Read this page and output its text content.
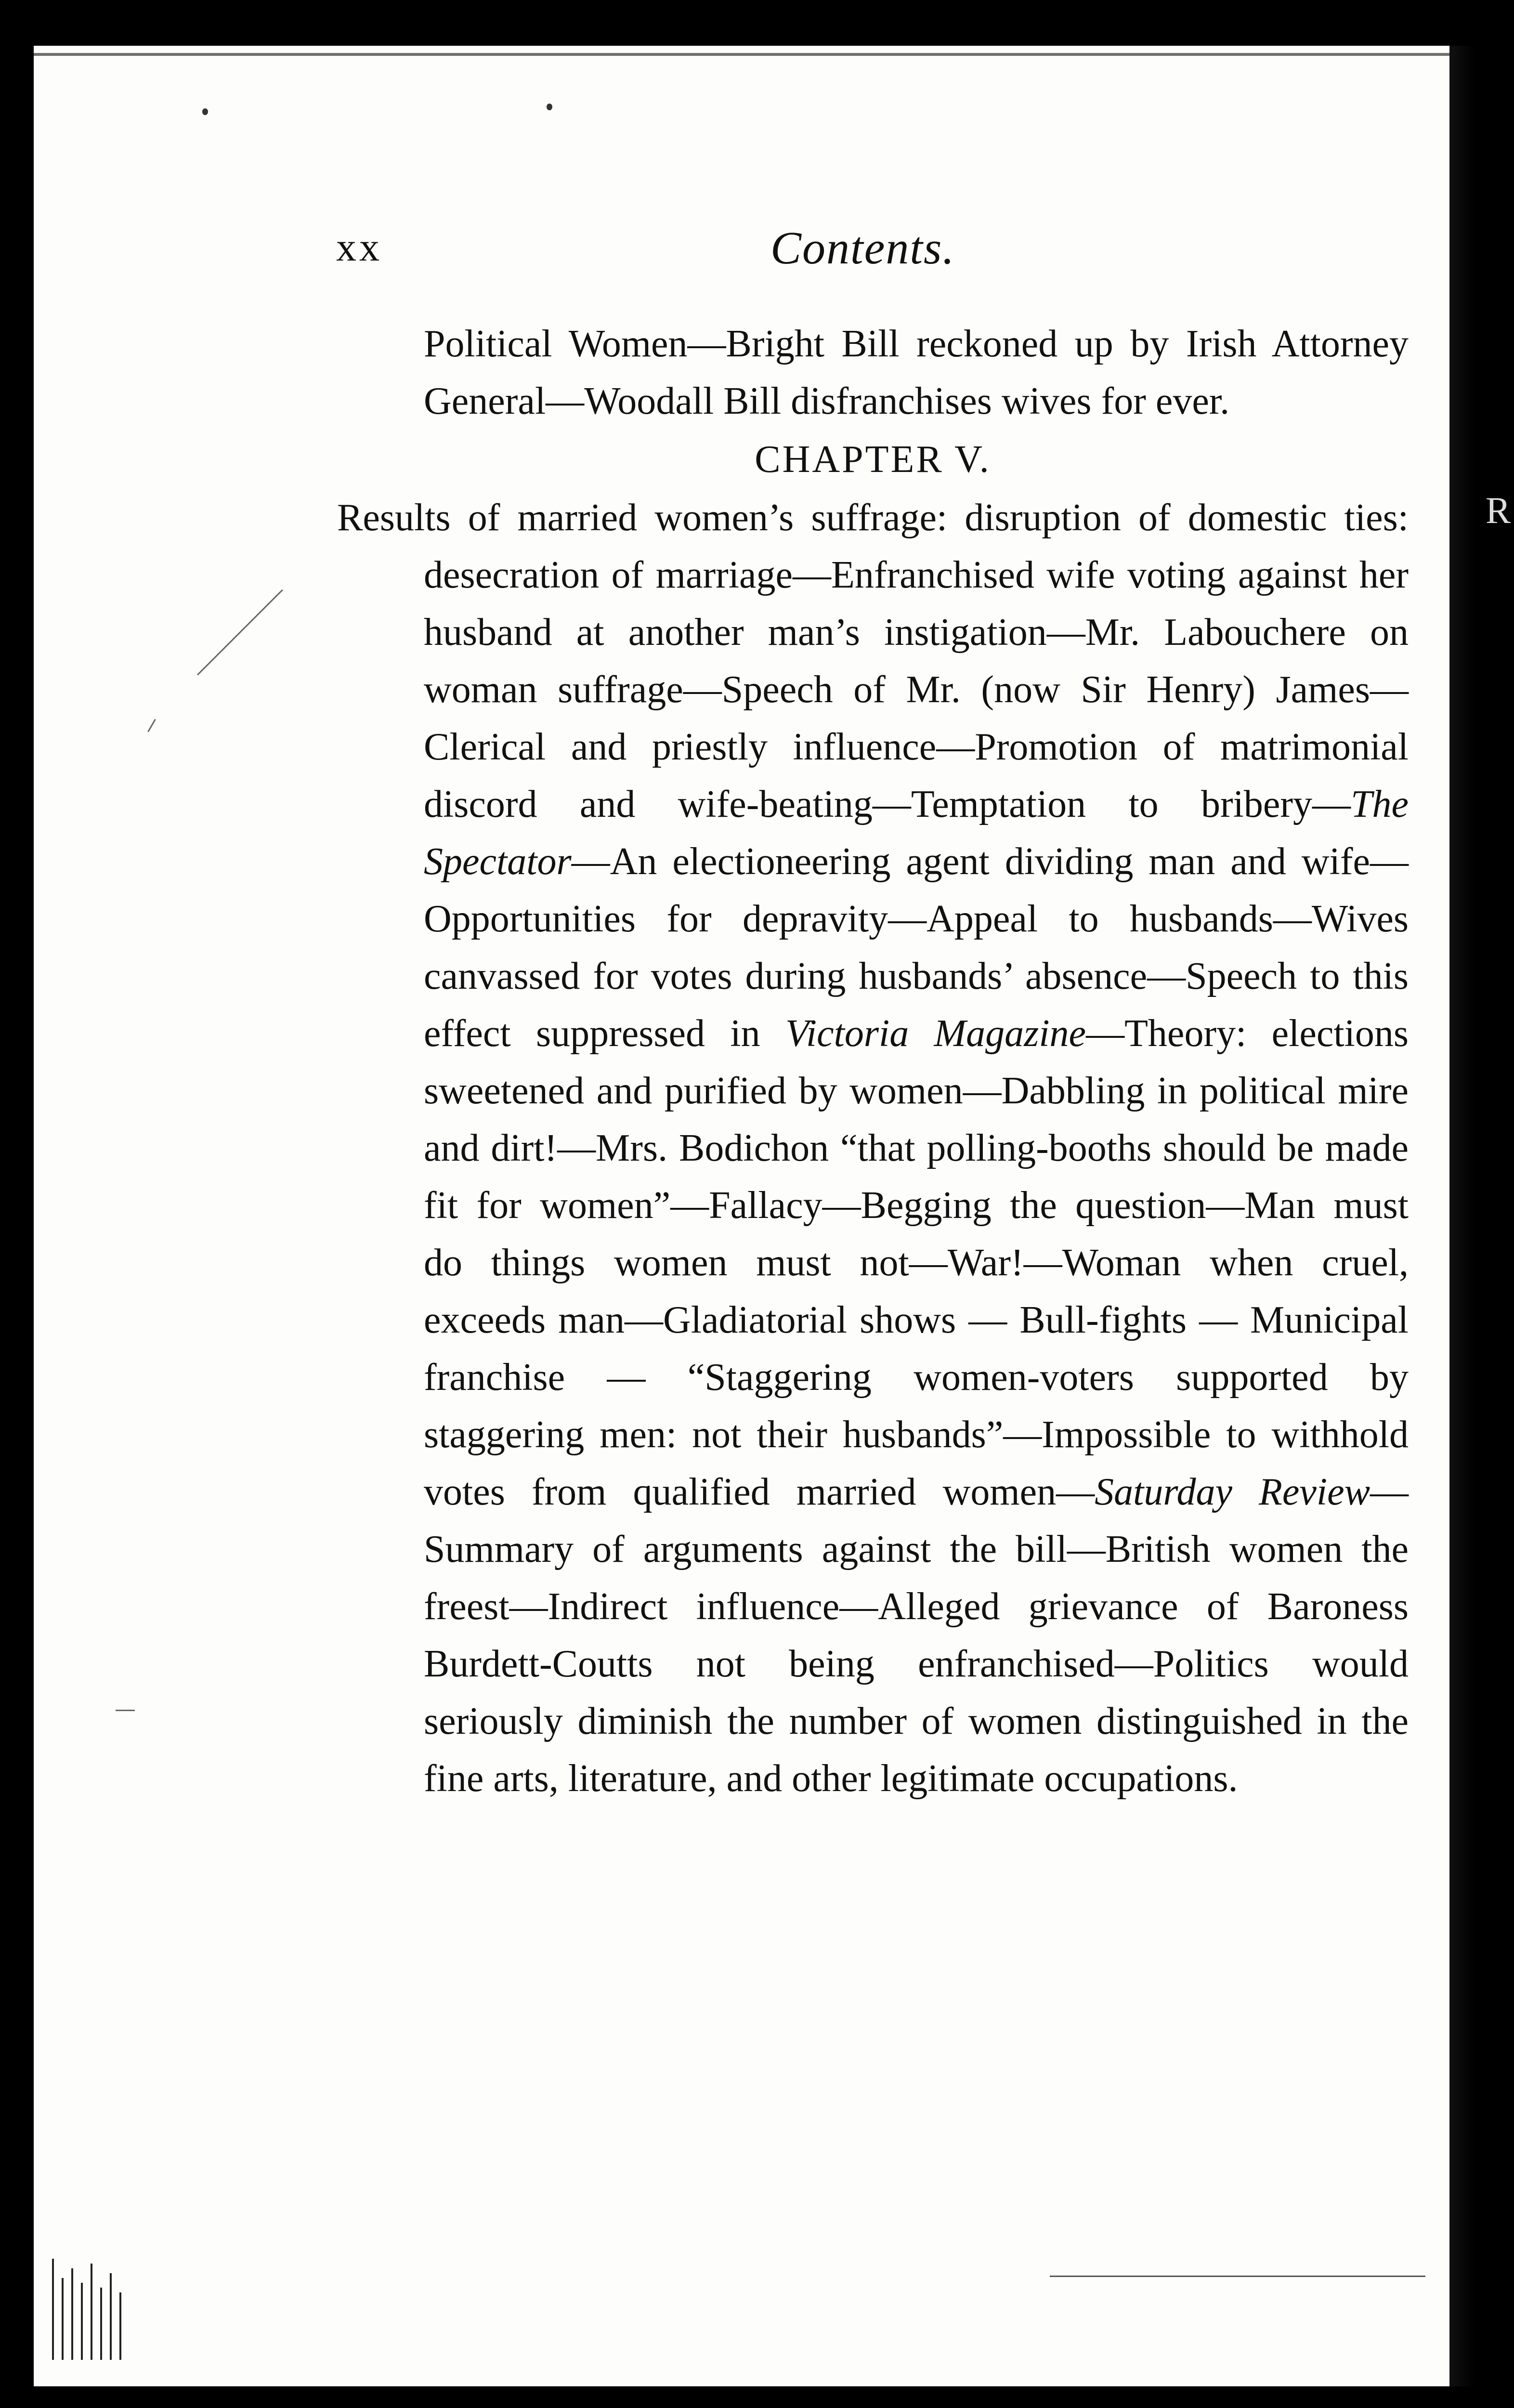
R
xx	Contents.
Political Women—Bright Bill reckoned up by Irish Attorney General—Woodall Bill disfranchises wives for ever.
CHAPTER V.
Results of married women’s suffrage: disruption of domestic ties: desecration of marriage—Enfranchised wife voting against her husband at another man’s instigation—Mr. Labouchere on woman suffrage—Speech of Mr. (now Sir Henry) James—Clerical and priestly influence—Promotion of matrimonial discord and wife-beating—Temptation to bribery—The Spectator—An electioneering agent dividing man and wife—Opportunities for depravity—Appeal to husbands—Wives canvassed for votes during husbands’ absence—Speech to this effect suppressed in Victoria Magazine—Theory: elections sweetened and purified by women—Dabbling in political mire and dirt!—Mrs. Bodichon “that polling-booths should be made fit for women”—Fallacy—Begging the question—Man must do things women must not—War!—Woman when cruel, exceeds man—Gladiatorial shows — Bull-fights — Municipal franchise — “Staggering women-voters supported by staggering men: not their husbands”—Impossible to withhold votes from qualified married women—Saturday Review—Summary of arguments against the bill—British women the freest—Indirect influence—Alleged grievance of Baroness Burdett-Coutts not being enfranchised—Politics would seriously diminish the number of women distinguished in the fine arts, literature, and other legitimate occupations.
